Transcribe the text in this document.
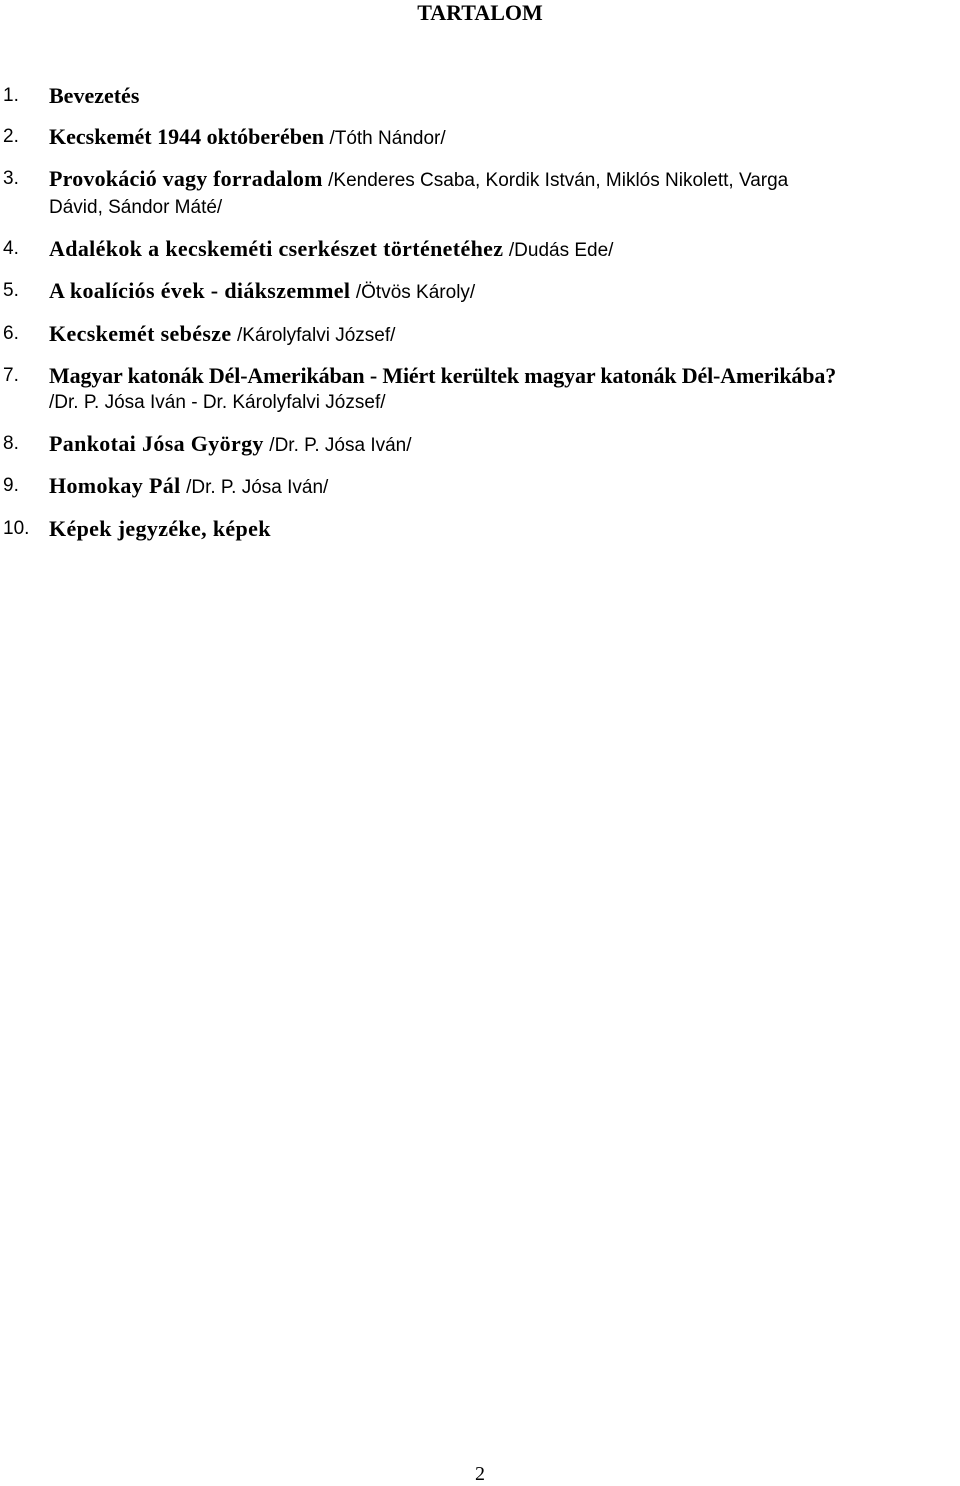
TARTALOM
1. Bevezetés
2. Kecskemét 1944 októberében /Tóth Nándor/
3. Provokáció vagy forradalom /Kenderes Csaba, Kordik István, Miklós Nikolett, Varga
Dávid, Sándor Máté/
4. Adalékok a kecskeméti cserkészet történetéhez /Dudás Ede/
5. A koalíciós évek - diákszemmel /Ötvös Károly/
6. Kecskemét sebésze /Károlyfalvi József/
7. Magyar katonák Dél-Amerikában - Miért kerültek magyar katonák Dél-Amerikába?
/Dr. P. Jósa Iván - Dr. Károlyfalvi József/
8. Pankotai Jósa György /Dr. P. Jósa Iván/
9. Homokay Pál /Dr. P. Jósa Iván/
10. Képek jegyzéke, képek
2
